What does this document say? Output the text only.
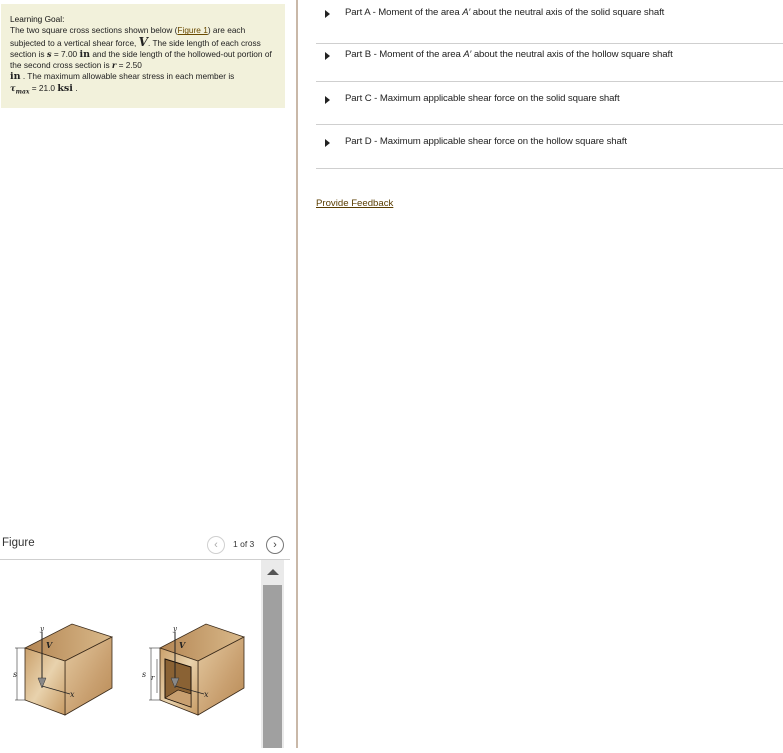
Learning Goal:
The two square cross sections shown below (Figure 1) are each subjected to a vertical shear force, V. The side length of each cross section is s = 7.00 in and the side length of the hollowed-out portion of the second cross section is r = 2.50
in . The maximum allowable shear stress in each member is
$\tau_{max} = 21.0$ ksi .
Figure	‹ 1 of 3 ›
s
y
V
x
s r
y
V
x
Part A - Moment of the area A′ about the neutral axis of the solid square shaft
Part B - Moment of the area A′ about the neutral axis of the hollow square shaft
Part C - Maximum applicable shear force on the solid square shaft
Part D - Maximum applicable shear force on the hollow square shaft
Provide Feedback
